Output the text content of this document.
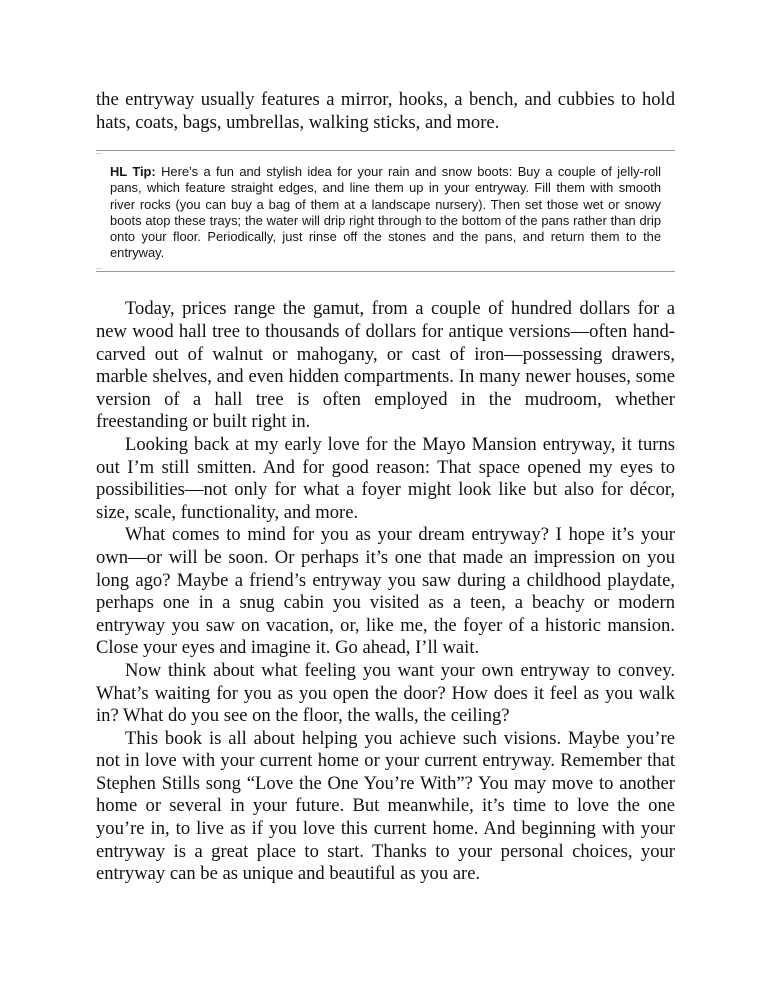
the entryway usually features a mirror, hooks, a bench, and cubbies to hold hats, coats, bags, umbrellas, walking sticks, and more.

HL Tip: Here’s a fun and stylish idea for your rain and snow boots: Buy a couple of jelly-roll pans, which feature straight edges, and line them up in your entryway. Fill them with smooth river rocks (you can buy a bag of them at a landscape nursery). Then set those wet or snowy boots atop these trays; the water will drip right through to the bottom of the pans rather than drip onto your floor. Periodically, just rinse off the stones and the pans, and return them to the entryway.

Today, prices range the gamut, from a couple of hundred dollars for a new wood hall tree to thousands of dollars for antique versions—often hand-carved out of walnut or mahogany, or cast of iron—possessing drawers, marble shelves, and even hidden compartments. In many newer houses, some version of a hall tree is often employed in the mudroom, whether freestanding or built right in.

Looking back at my early love for the Mayo Mansion entryway, it turns out I’m still smitten. And for good reason: That space opened my eyes to possibilities—not only for what a foyer might look like but also for décor, size, scale, functionality, and more.

What comes to mind for you as your dream entryway? I hope it’s your own—or will be soon. Or perhaps it’s one that made an impression on you long ago? Maybe a friend’s entryway you saw during a childhood playdate, perhaps one in a snug cabin you visited as a teen, a beachy or modern entryway you saw on vacation, or, like me, the foyer of a historic mansion. Close your eyes and imagine it. Go ahead, I’ll wait.

Now think about what feeling you want your own entryway to convey. What’s waiting for you as you open the door? How does it feel as you walk in? What do you see on the floor, the walls, the ceiling?

This book is all about helping you achieve such visions. Maybe you’re not in love with your current home or your current entryway. Remember that Stephen Stills song “Love the One You’re With”? You may move to another home or several in your future. But meanwhile, it’s time to love the one you’re in, to live as if you love this current home. And beginning with your entryway is a great place to start. Thanks to your personal choices, your entryway can be as unique and beautiful as you are.
